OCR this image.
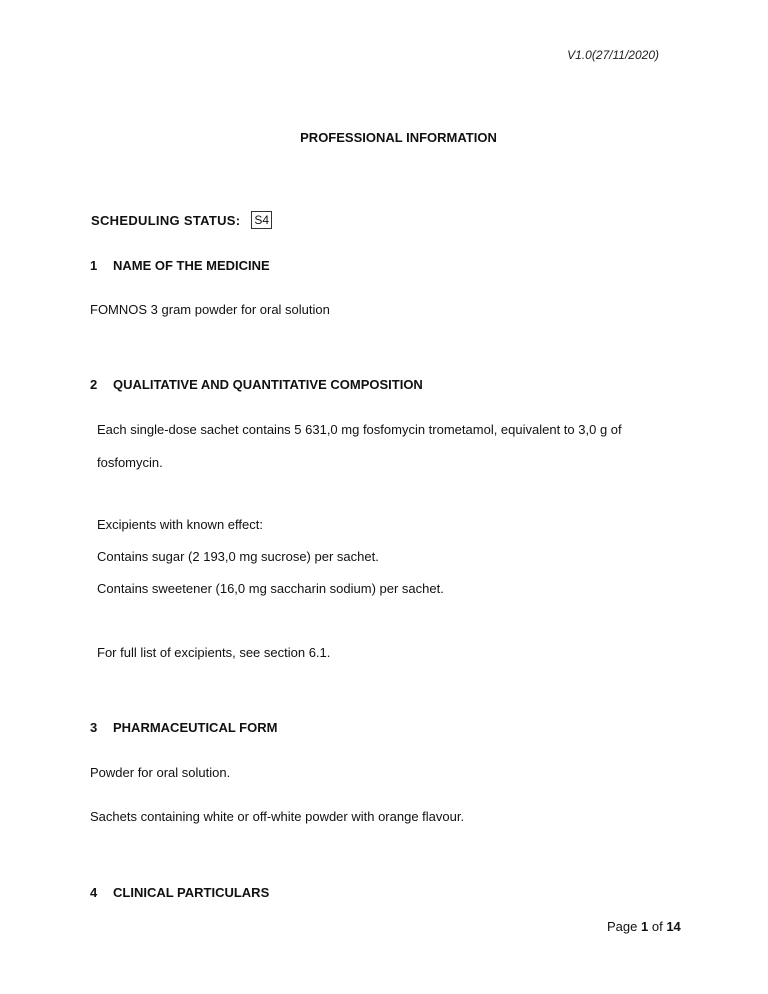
V1.0(27/11/2020)
PROFESSIONAL INFORMATION
SCHEDULING STATUS: S4
1	NAME OF THE MEDICINE
FOMNOS 3 gram powder for oral solution
2	QUALITATIVE AND QUANTITATIVE COMPOSITION
Each single-dose sachet contains 5 631,0 mg fosfomycin trometamol, equivalent to 3,0 g of
fosfomycin.
Excipients with known effect:
Contains sugar (2 193,0 mg sucrose) per sachet.
Contains sweetener (16,0 mg saccharin sodium) per sachet.
For full list of excipients, see section 6.1.
3	PHARMACEUTICAL FORM
Powder for oral solution.
Sachets containing white or off-white powder with orange flavour.
4	CLINICAL PARTICULARS
Page 1 of 14
